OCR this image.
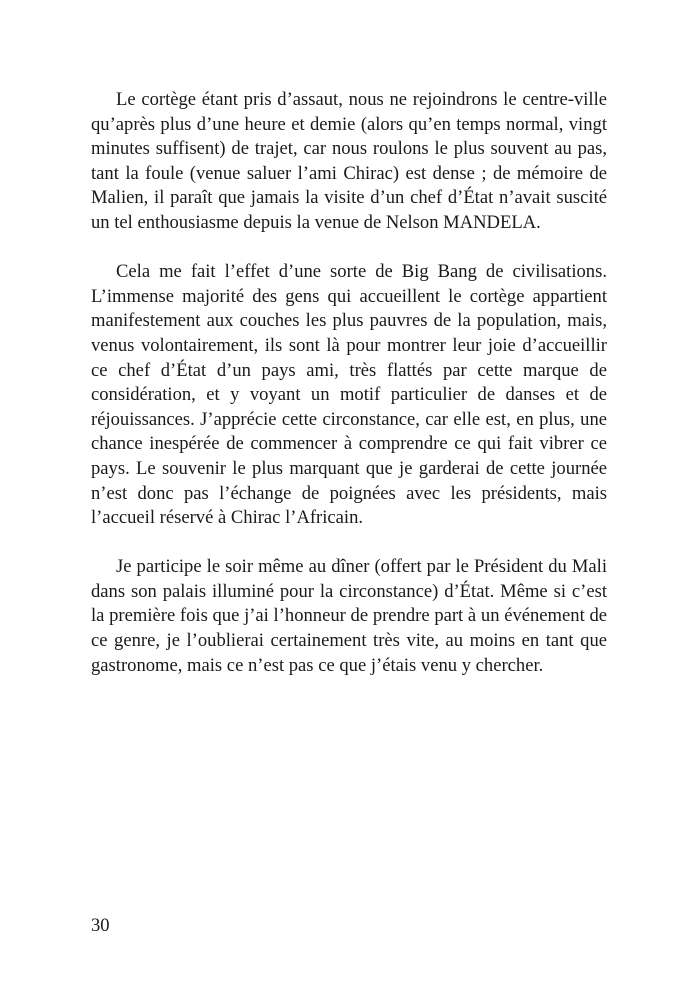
Le cortège étant pris d’assaut, nous ne rejoindrons le centre-ville qu’après plus d’une heure et demie (alors qu’en temps normal, vingt minutes suffisent) de trajet, car nous roulons le plus souvent au pas, tant la foule (venue saluer l’ami Chirac) est dense ; de mémoire de Malien, il paraît que jamais la visite d’un chef d’État n’avait suscité un tel enthousiasme depuis la venue de Nelson MANDELA.

Cela me fait l’effet d’une sorte de Big Bang de civilisations. L’immense majorité des gens qui accueillent le cortège appartient manifestement aux couches les plus pauvres de la population, mais, venus volontairement, ils sont là pour montrer leur joie d’accueillir ce chef d’État d’un pays ami, très flattés par cette marque de considération, et y voyant un motif particulier de danses et de réjouissances. J’apprécie cette circonstance, car elle est, en plus, une chance inespérée de commencer à comprendre ce qui fait vibrer ce pays. Le souvenir le plus marquant que je garderai de cette journée n’est donc pas l’échange de poignées avec les présidents, mais l’accueil réservé à Chirac l’Africain.

Je participe le soir même au dîner (offert par le Président du Mali dans son palais illuminé pour la circonstance) d’État. Même si c’est la première fois que j’ai l’honneur de prendre part à un événement de ce genre, je l’oublierai certainement très vite, au moins en tant que gastronome, mais ce n’est pas ce que j’étais venu y chercher.

30
